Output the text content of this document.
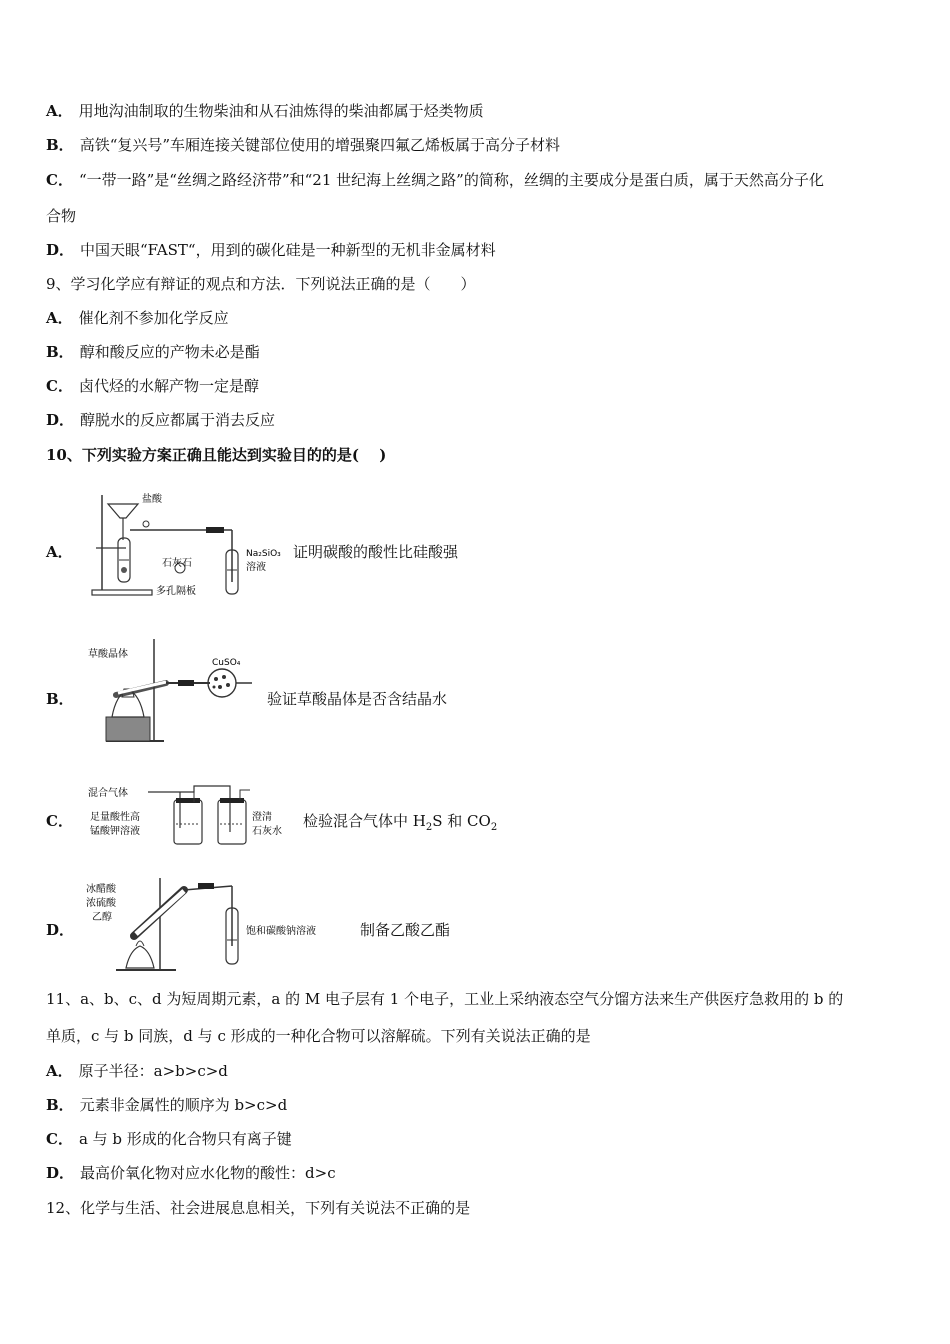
A． 用地沟油制取的生物柴油和从石油炼得的柴油都属于烃类物质
B． 高铁“复兴号”车厢连接关键部位使用的增强聚四氟乙烯板属于高分子材料
C． “一带一路”是“丝绸之路经济带”和“21 世纪海上丝绸之路”的简称，丝绸的主要成分是蛋白质，属于天然高分子化
合物
D． 中国天眼“FAST“，用到的碳化硅是一种新型的无机非金属材料
9、学习化学应有辩证的观点和方法．下列说法正确的是（　　）
A． 催化剂不参加化学反应
B． 醇和酸反应的产物未必是酯
C． 卤代烃的水解产物一定是醇
D． 醇脱水的反应都属于消去反应
10、下列实验方案正确且能达到实验目的的是(　 )
A．
盐酸
石灰石
多孔隔板
Na₂SiO₃
溶液
证明碳酸的酸性比硅酸强
B．
草酸晶体
CuSO₄
验证草酸晶体是否含结晶水
C．
混合气体
足量酸性高
锰酸钾溶液
澄清
石灰水
检验混合气体中 $H_2S$ 和 $CO_2$
D．
冰醋酸
浓硫酸
乙醇
饱和碳酸钠溶液	制备乙酸乙酯
11、a、b、c、d 为短周期元素，a 的 M 电子层有 1 个电子，工业上采纳液态空气分馏方法来生产供医疗急救用的 b 的
单质，c 与 b 同族，d 与 c 形成的一种化合物可以溶解硫。下列有关说法正确的是
A． 原子半径：a>b>c>d
B． 元素非金属性的顺序为 b>c>d
C． a 与 b 形成的化合物只有离子键
D． 最高价氧化物对应水化物的酸性：d>c
12、化学与生活、社会进展息息相关，下列有关说法不正确的是
